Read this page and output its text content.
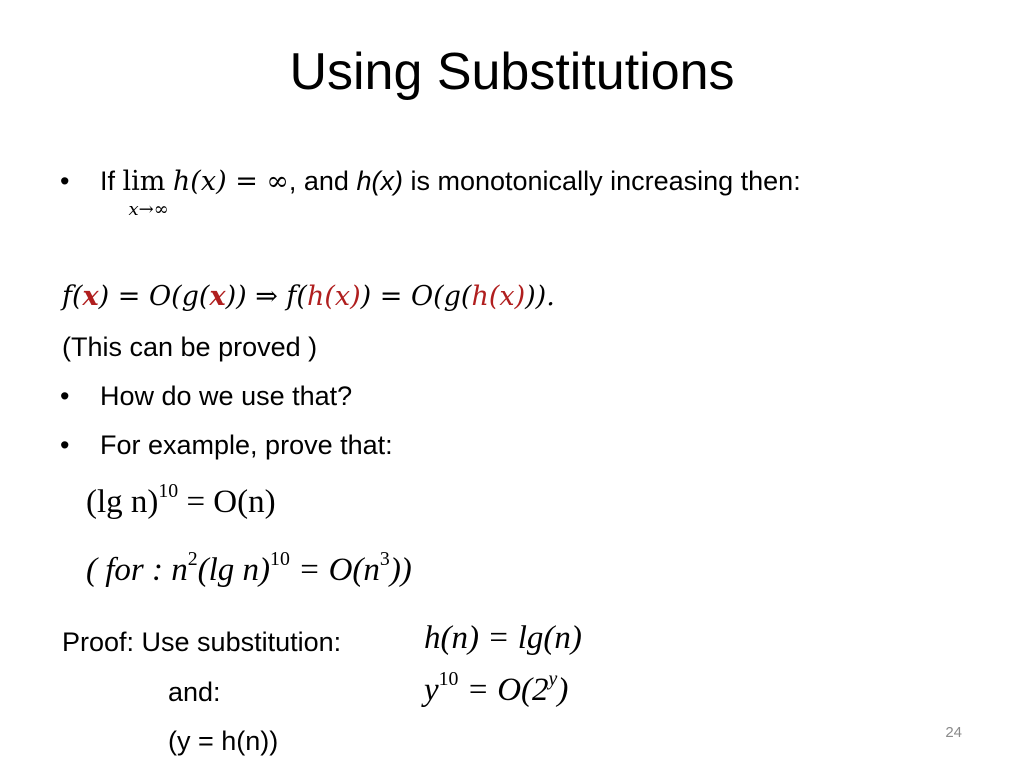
Using Substitutions
• If lim
x→∞
h(x) = ∞, and h(x) is monotonically increasing then:
f(x) = O(g(x)) ⇒ f(h(x)) = O(g(h(x))).
(This can be proved )
• How do we use that?
• For example, prove that:
(lg n)$^{10}$ = O(n)
( for : $n^2(\lg$ $n)^{10} = O(n^3)$)
Proof: Use substitution:	h(n) = lg(n)
and:	$y^{10} = O(2^y)$
(y = h(n))	24
